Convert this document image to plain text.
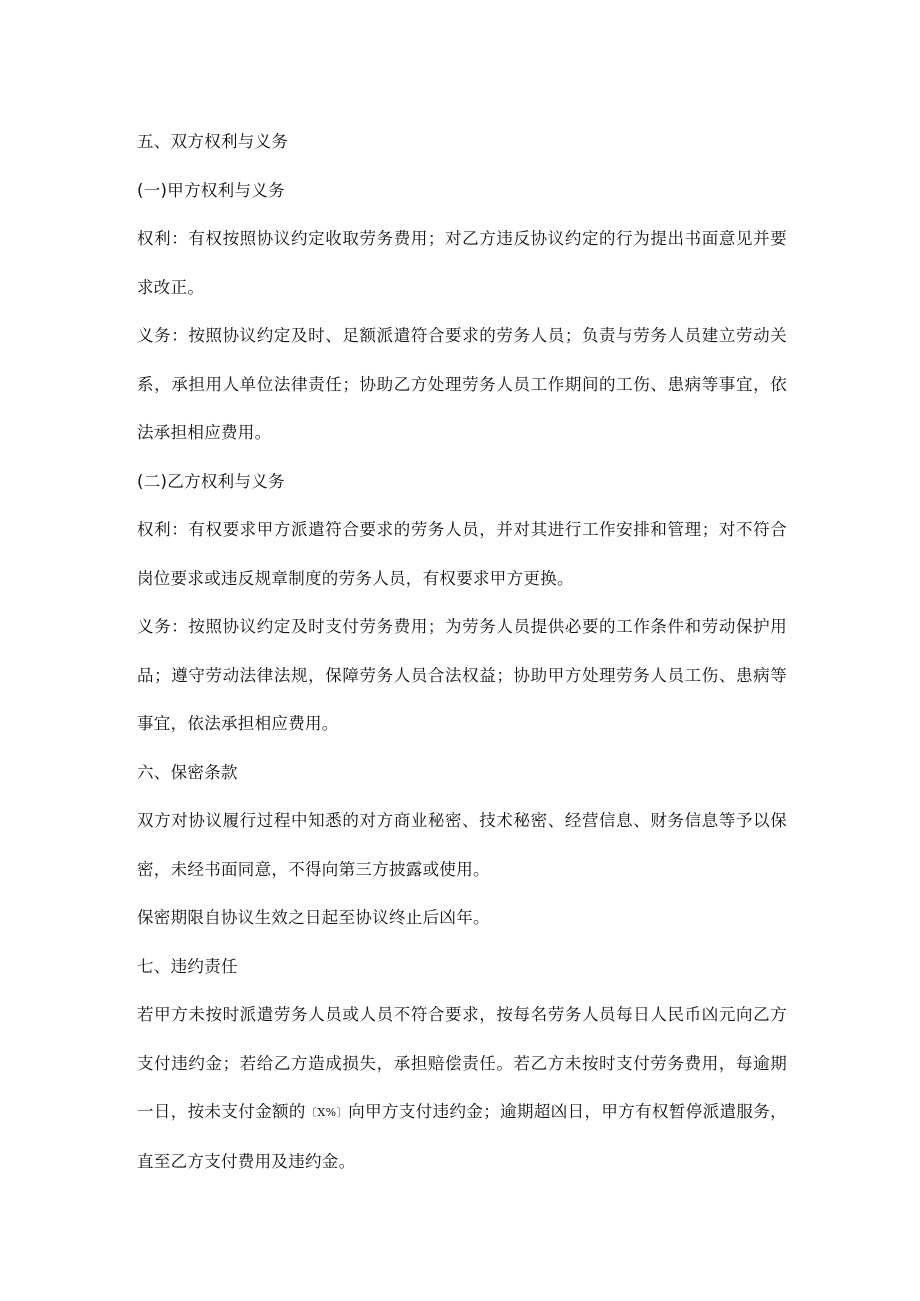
五、双方权利与义务

(一)甲方权利与义务

权利：有权按照协议约定收取劳务费用；对乙方违反协议约定的行为提出书面意见并要求改正。

义务：按照协议约定及时、足额派遣符合要求的劳务人员；负责与劳务人员建立劳动关系，承担用人单位法律责任；协助乙方处理劳务人员工作期间的工伤、患病等事宜，依法承担相应费用。

(二)乙方权利与义务

权利：有权要求甲方派遣符合要求的劳务人员，并对其进行工作安排和管理；对不符合岗位要求或违反规章制度的劳务人员，有权要求甲方更换。

义务：按照协议约定及时支付劳务费用；为劳务人员提供必要的工作条件和劳动保护用品；遵守劳动法律法规，保障劳务人员合法权益；协助甲方处理劳务人员工伤、患病等事宜，依法承担相应费用。

六、保密条款

双方对协议履行过程中知悉的对方商业秘密、技术秘密、经营信息、财务信息等予以保密，未经书面同意，不得向第三方披露或使用。

保密期限自协议生效之日起至协议终止后凶年。

七、违约责任

若甲方未按时派遣劳务人员或人员不符合要求，按每名劳务人员每日人民币凶元向乙方支付违约金；若给乙方造成损失，承担赔偿责任。若乙方未按时支付劳务费用，每逾期一日，按未支付金额的〔X%〕向甲方支付违约金；逾期超凶日，甲方有权暂停派遣服务，直至乙方支付费用及违约金。
